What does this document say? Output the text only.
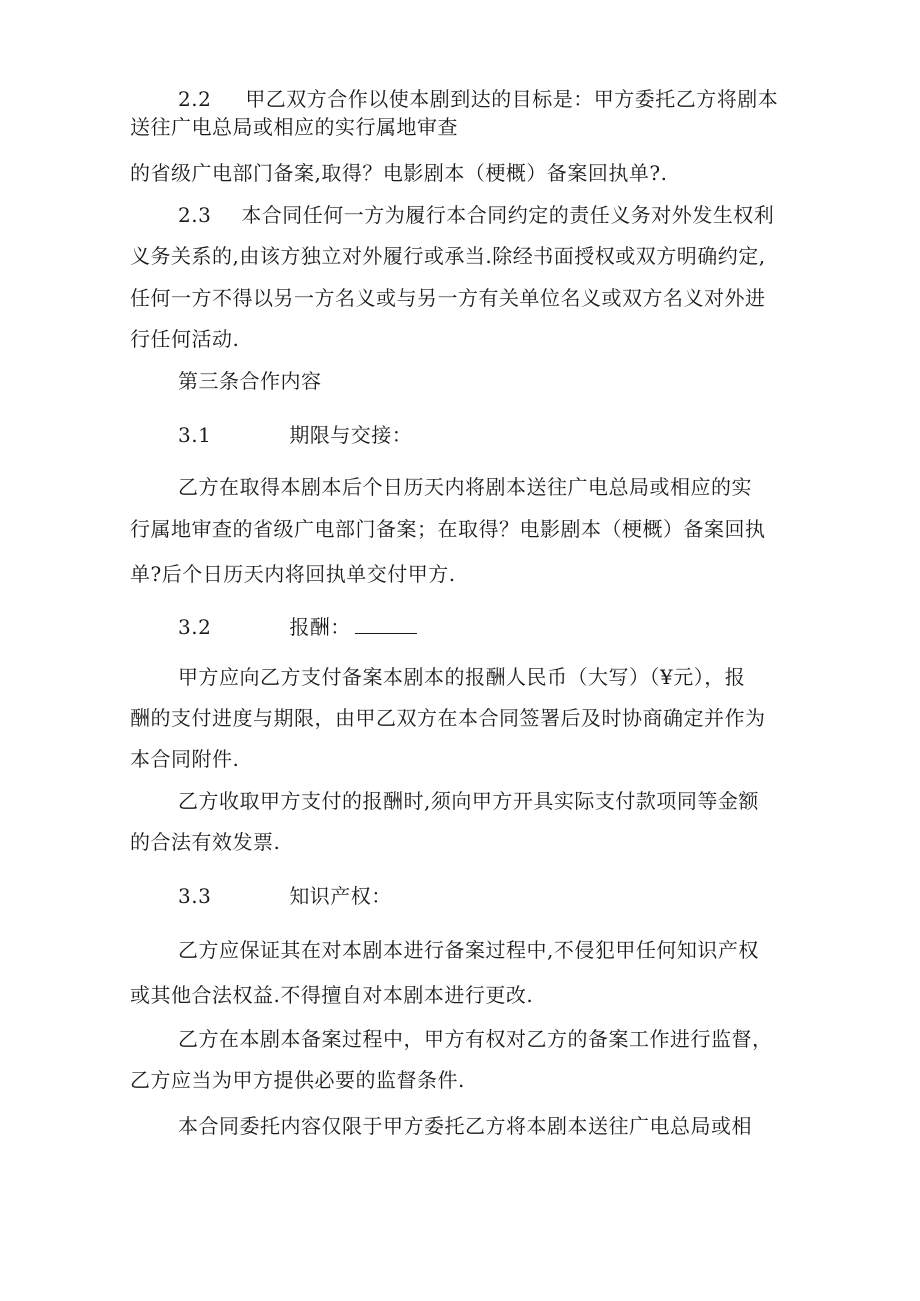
2.2 甲乙双方合作以使本剧到达的目标是：甲方委托乙方将剧本
送往广电总局或相应的实行属地审查
的省级广电部门备案,取得？电影剧本（梗概）备案回执单?.
2.3 本合同任何一方为履行本合同约定的责任义务对外发生权利
义务关系的,由该方独立对外履行或承当.除经书面授权或双方明确约定,
任何一方不得以另一方名义或与另一方有关单位名义或双方名义对外进
行任何活动.
第三条合作内容
3.1	期限与交接：
乙方在取得本剧本后个日历天内将剧本送往广电总局或相应的实
行属地审查的省级广电部门备案；在取得？电影剧本（梗概）备案回执
单?后个日历天内将回执单交付甲方.
3.2	报酬：
甲方应向乙方支付备案本剧本的报酬人民币（大写）（¥元），报
酬的支付进度与期限，由甲乙双方在本合同签署后及时协商确定并作为
本合同附件.
乙方收取甲方支付的报酬时,须向甲方开具实际支付款项同等金额
的合法有效发票.
3.3	知识产权：
乙方应保证其在对本剧本进行备案过程中,不侵犯甲任何知识产权
或其他合法权益.不得擅自对本剧本进行更改.
乙方在本剧本备案过程中，甲方有权对乙方的备案工作进行监督，
乙方应当为甲方提供必要的监督条件.
本合同委托内容仅限于甲方委托乙方将本剧本送往广电总局或相
